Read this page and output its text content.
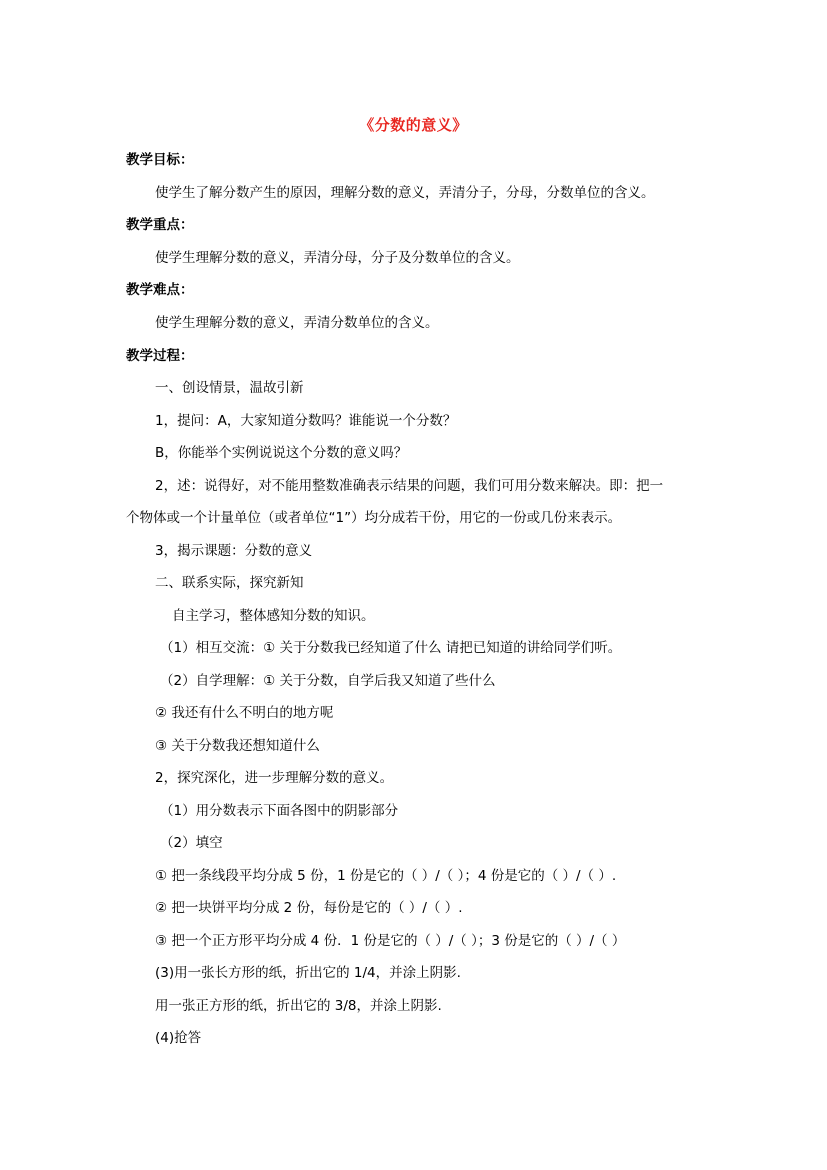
《分数的意义》
教学目标：
使学生了解分数产生的原因，理解分数的意义，弄清分子，分母，分数单位的含义。
教学重点：
使学生理解分数的意义，弄清分母，分子及分数单位的含义。
教学难点：
使学生理解分数的意义，弄清分数单位的含义。
教学过程：
一、创设情景，温故引新
1，提问：A，大家知道分数吗？谁能说一个分数？
B，你能举个实例说说这个分数的意义吗？
2，述：说得好，对不能用整数准确表示结果的问题，我们可用分数来解决。即：把一
个物体或一个计量单位（或者单位“1”）均分成若干份，用它的一份或几份来表示。
3，揭示课题：分数的意义
二、联系实际，探究新知
自主学习，整体感知分数的知识。
（1）相互交流：① 关于分数我已经知道了什么 请把已知道的讲给同学们听。
（2）自学理解：① 关于分数，自学后我又知道了些什么
② 我还有什么不明白的地方呢
③ 关于分数我还想知道什么
2，探究深化，进一步理解分数的意义。
（1）用分数表示下面各图中的阴影部分
（2）填空
① 把一条线段平均分成 5 份，1 份是它的（ ）/（ ）；4 份是它的（ ）/（ ）.
② 把一块饼平均分成 2 份，每份是它的（ ）/（ ）.
③ 把一个正方形平均分成 4 份．1 份是它的（ ）/（ ）；3 份是它的（ ）/（ ）
(3)用一张长方形的纸，折出它的 1/4，并涂上阴影.
用一张正方形的纸，折出它的 3/8，并涂上阴影.
(4)抢答
